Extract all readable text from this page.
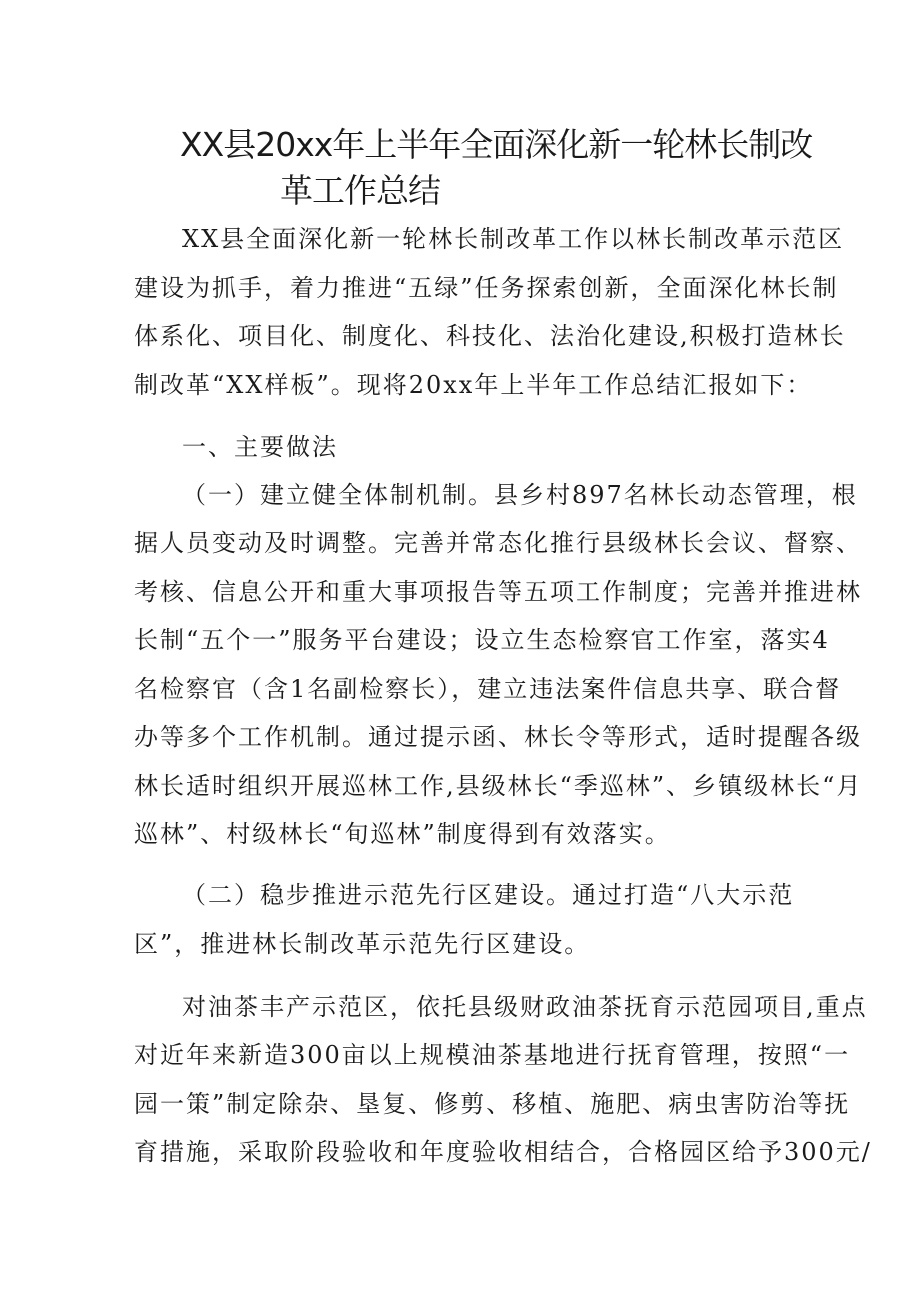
XX县20xx年上半年全面深化新一轮林长制改
革工作总结
XX县全面深化新一轮林长制改革工作以林长制改革示范区
建设为抓手，着力推进“五绿”任务探索创新，全面深化林长制
体系化、项目化、制度化、科技化、法治化建设,积极打造林长
制改革“XX样板”。现将20xx年上半年工作总结汇报如下：
一、主要做法
（一）建立健全体制机制。县乡村897名林长动态管理，根
据人员变动及时调整。完善并常态化推行县级林长会议、督察、
考核、信息公开和重大事项报告等五项工作制度；完善并推进林
长制“五个一”服务平台建设；设立生态检察官工作室，落实4
名检察官（含1名副检察长），建立违法案件信息共享、联合督
办等多个工作机制。通过提示函、林长令等形式，适时提醒各级
林长适时组织开展巡林工作,县级林长“季巡林”、乡镇级林长“月
巡林”、村级林长“旬巡林”制度得到有效落实。
（二）稳步推进示范先行区建设。通过打造“八大示范
区”，推进林长制改革示范先行区建设。
对油茶丰产示范区，依托县级财政油茶抚育示范园项目,重点
对近年来新造300亩以上规模油茶基地进行抚育管理，按照“一
园一策”制定除杂、垦复、修剪、移植、施肥、病虫害防治等抚
育措施，采取阶段验收和年度验收相结合，合格园区给予300元/
